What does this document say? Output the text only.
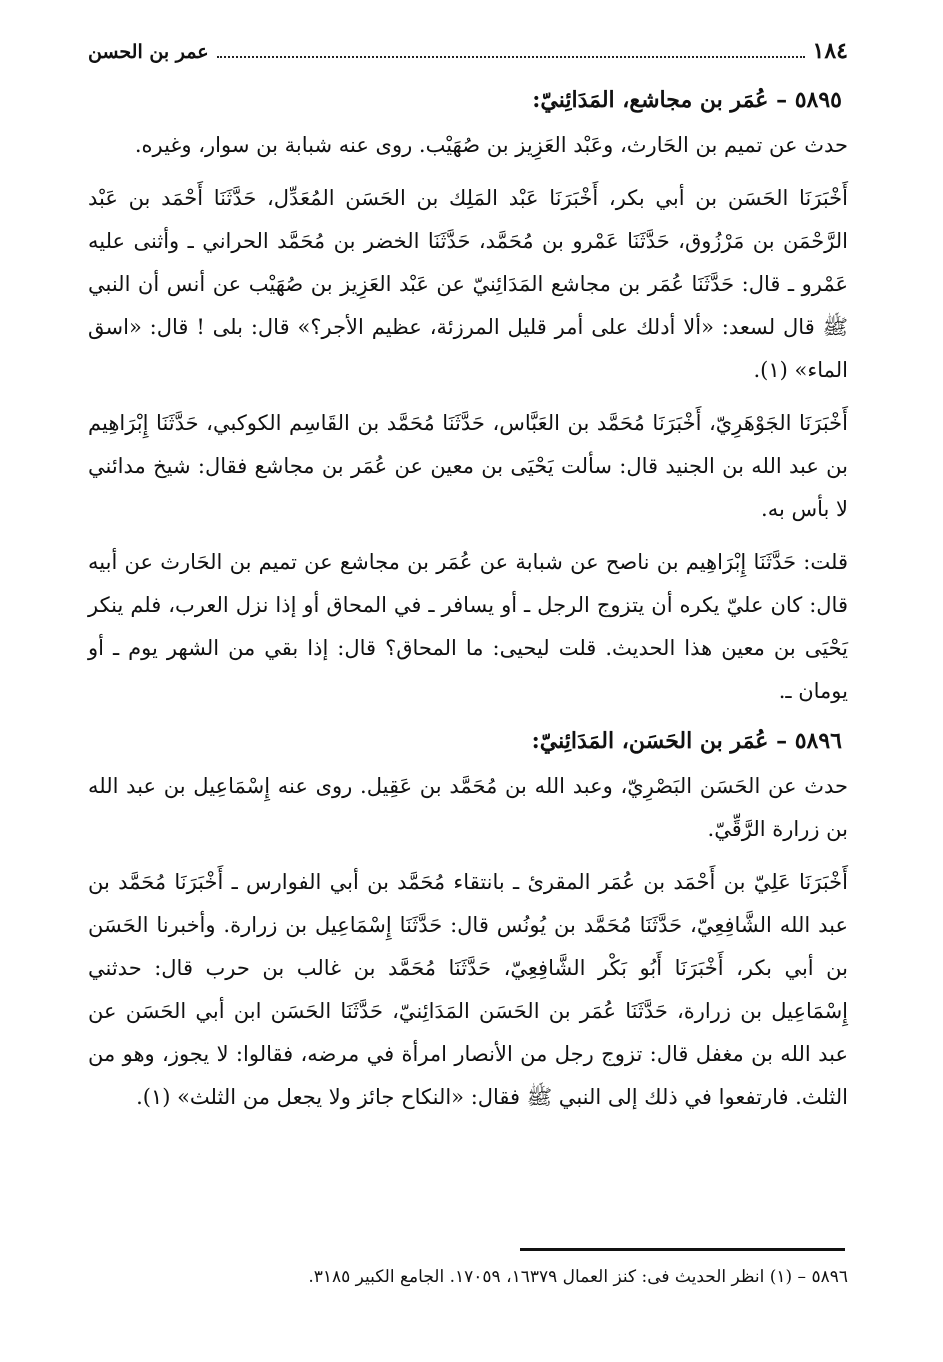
١٨٤
عمر بن الحسن
٥٨٩٥ – عُمَر بن مجاشع، المَدَائِنيّ:

حدث عن تميم بن الحَارث، وعَبْد العَزِيز بن صُهَيْب. روى عنه شبابة بن سوار، وغيره.

أَخْبَرَنَا الحَسَن بن أبي بكر، أَخْبَرَنَا عَبْد المَلِك بن الحَسَن المُعَدِّل، حَدَّثَنَا أَحْمَد بن عَبْد الرَّحْمَن بن مَرْزُوق، حَدَّثَنَا عَمْرو بن مُحَمَّد، حَدَّثَنَا الخضر بن مُحَمَّد الحراني ـ وأثنى عليه عَمْرو ـ قال: حَدَّثَنَا عُمَر بن مجاشع المَدَائِنيّ عن عَبْد العَزِيز بن صُهَيْب عن أنس أن النبي ﷺ قال لسعد: «ألا أدلك على أمر قليل المرزئة، عظيم الأجر؟» قال: بلى ! قال: «اسق الماء» (١).

أَخْبَرَنَا الجَوْهَرِيّ، أَخْبَرَنَا مُحَمَّد بن العَبَّاس، حَدَّثَنَا مُحَمَّد بن القَاسِم الكوكبي، حَدَّثَنَا إِبْرَاهِيم بن عبد الله بن الجنيد قال: سألت يَحْيَى بن معين عن عُمَر بن مجاشع فقال: شيخ مدائني لا بأس به.

قلت: حَدَّثَنَا إِبْرَاهِيم بن ناصح عن شبابة عن عُمَر بن مجاشع عن تميم بن الحَارث عن أبيه قال: كان عليّ يكره أن يتزوج الرجل ـ أو يسافر ـ في المحاق أو إذا نزل العرب، فلم ينكر يَحْيَى بن معين هذا الحديث. قلت ليحيى: ما المحاق؟ قال: إذا بقي من الشهر يوم ـ أو يومان ـ.

٥٨٩٦ – عُمَر بن الحَسَن، المَدَائِنيّ:

حدث عن الحَسَن البَصْرِيّ، وعبد الله بن مُحَمَّد بن عَقِيل. روى عنه إِسْمَاعِيل بن عبد الله بن زرارة الرَّقِّيّ.

أَخْبَرَنَا عَلِيّ بن أَحْمَد بن عُمَر المقرئ ـ بانتقاء مُحَمَّد بن أبي الفوارس ـ أَخْبَرَنَا مُحَمَّد بن عبد الله الشَّافِعِيّ، حَدَّثَنَا مُحَمَّد بن يُونُس قال: حَدَّثَنَا إِسْمَاعِيل بن زرارة. وأخبرنا الحَسَن بن أبي بكر، أَخْبَرَنَا أَبُو بَكْر الشَّافِعِيّ، حَدَّثَنَا مُحَمَّد بن غالب بن حرب قال: حدثني إِسْمَاعِيل بن زرارة، حَدَّثَنَا عُمَر بن الحَسَن المَدَائِنيّ، حَدَّثَنَا الحَسَن ابن أبي الحَسَن عن عبد الله بن مغفل قال: تزوج رجل من الأنصار امرأة في مرضه، فقالوا: لا يجوز، وهو من الثلث. فارتفعوا في ذلك إلى النبي ﷺ فقال: «النكاح جائز ولا يجعل من الثلث» (١).

٥٨٩٦ – (١) انظر الحديث فى: كنز العمال ١٦٣٧٩، ١٧٠٥٩. الجامع الكبير ٣١٨٥.
